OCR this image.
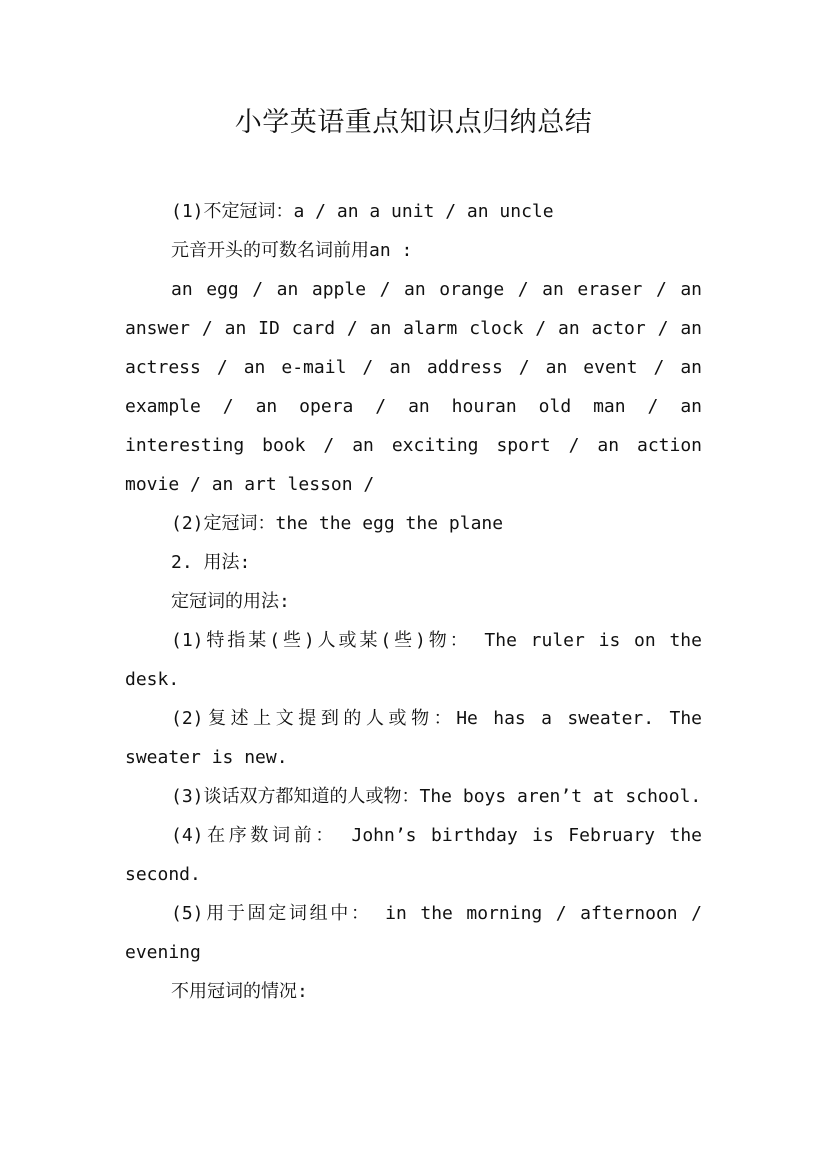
小学英语重点知识点归纳总结

(1)不定冠词：a / an a unit / an uncle

元音开头的可数名词前用an :

an egg / an apple / an orange / an eraser / an answer / an ID card / an alarm clock / an actor / an actress / an e-mail / an address / an event / an example / an opera / an houran old man / an interesting book / an exciting sport / an action movie / an art lesson /

(2)定冠词：the the egg the plane

2. 用法:

定冠词的用法:

(1)特指某(些)人或某(些)物： The ruler is on the desk.

(2)复述上文提到的人或物：He has a sweater. The sweater is new.

(3)谈话双方都知道的人或物：The boys aren’t at school.

(4)在序数词前： John’s birthday is February the second.

(5)用于固定词组中： in the morning / afternoon / evening

不用冠词的情况:
